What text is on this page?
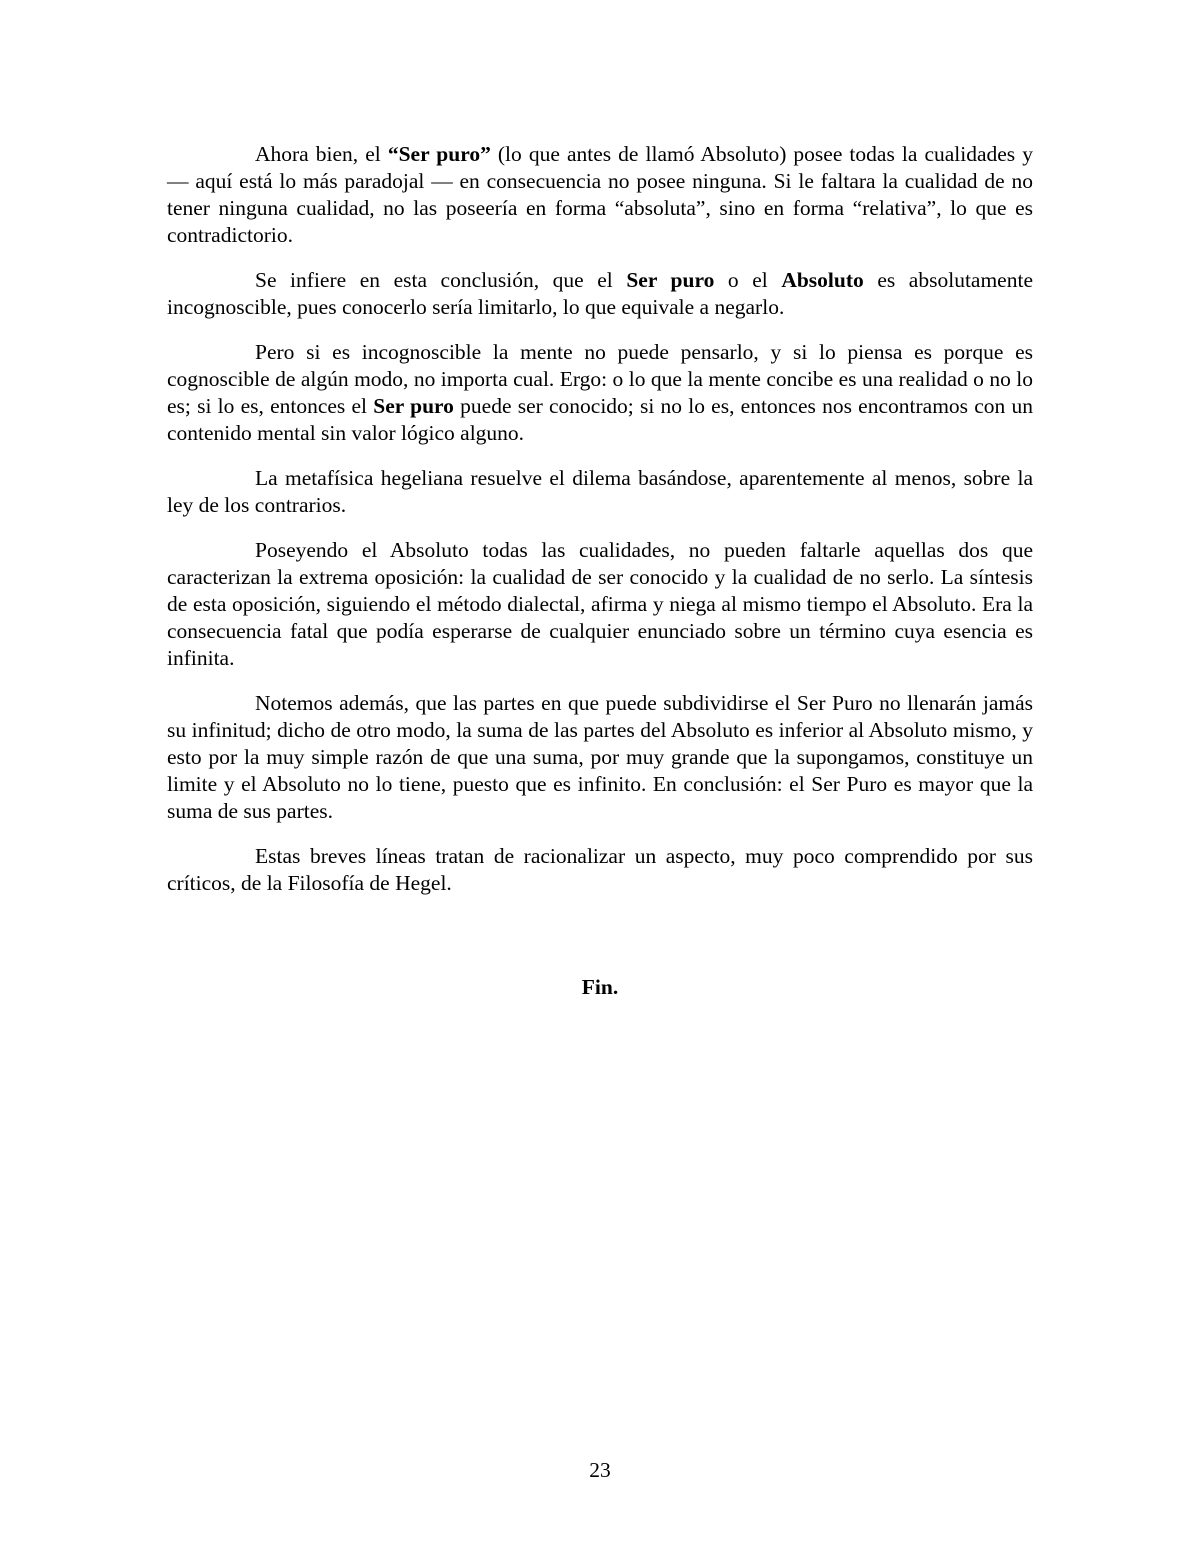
Ahora bien, el “Ser puro” (lo que antes de llamó Absoluto) posee todas la cualidades y — aquí está lo más paradojal — en consecuencia no posee ninguna. Si le faltara la cualidad de no tener ninguna cualidad, no las poseería en forma “absoluta”, sino en forma “relativa”, lo que es contradictorio.

Se infiere en esta conclusión, que el Ser puro o el Absoluto es absolutamente incognoscible, pues conocerlo sería limitarlo, lo que equivale a negarlo.

Pero si es incognoscible la mente no puede pensarlo, y si lo piensa es porque es cognoscible de algún modo, no importa cual. Ergo: o lo que la mente concibe es una realidad o no lo es; si lo es, entonces el Ser puro puede ser conocido; si no lo es, entonces nos encontramos con un contenido mental sin valor lógico alguno.

La metafísica hegeliana resuelve el dilema basándose, aparentemente al menos, sobre la ley de los contrarios.

Poseyendo el Absoluto todas las cualidades, no pueden faltarle aquellas dos que caracterizan la extrema oposición: la cualidad de ser conocido y la cualidad de no serlo. La síntesis de esta oposición, siguiendo el método dialectal, afirma y niega al mismo tiempo el Absoluto. Era la consecuencia fatal que podía esperarse de cualquier enunciado sobre un término cuya esencia es infinita.

Notemos además, que las partes en que puede subdividirse el Ser Puro no llenarán jamás su infinitud; dicho de otro modo, la suma de las partes del Absoluto es inferior al Absoluto mismo, y esto por la muy simple razón de que una suma, por muy grande que la supongamos, constituye un limite y el Absoluto no lo tiene, puesto que es infinito. En conclusión: el Ser Puro es mayor que la suma de sus partes.

Estas breves líneas tratan de racionalizar un aspecto, muy poco comprendido por sus críticos, de la Filosofía de Hegel.

Fin.
23
